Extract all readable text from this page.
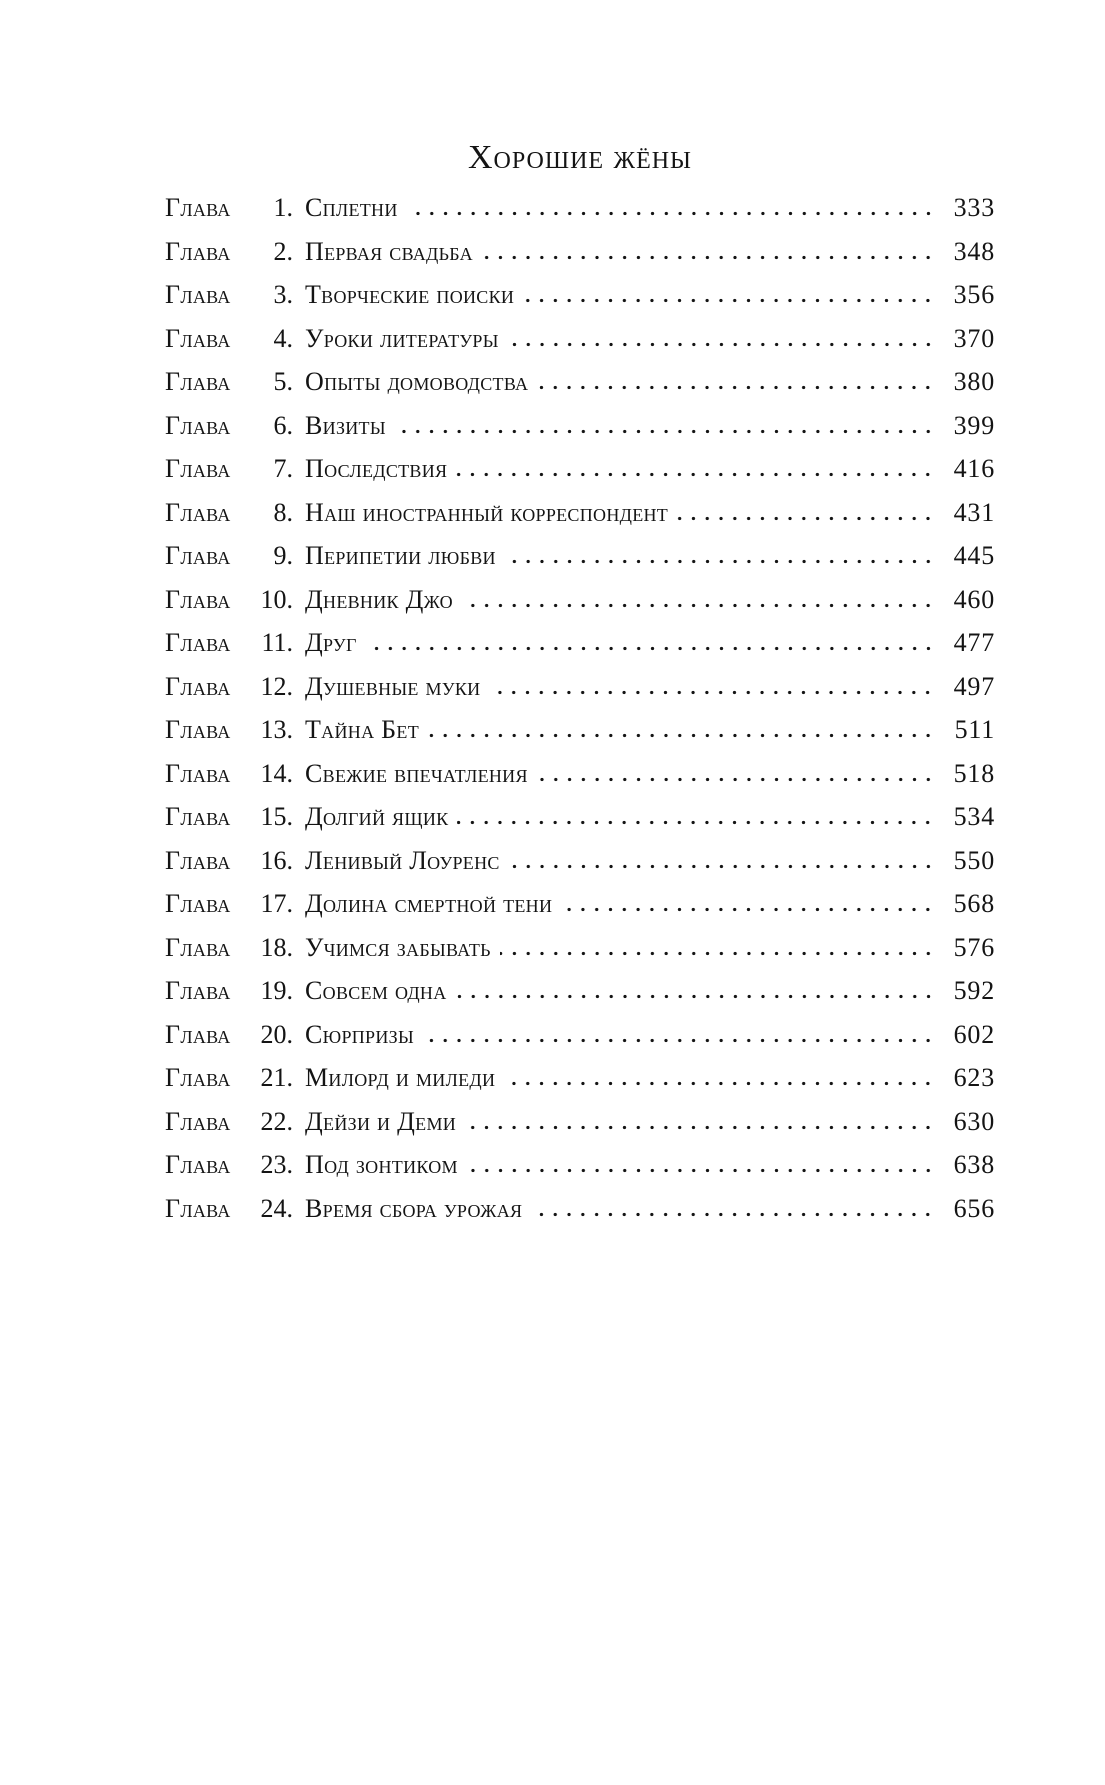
Хорошие жёны
Глава	1. Сплетни	333
Глава	2. Первая свадьба	348
Глава	3. Творческие поиски	356
Глава	4. Уроки литературы	370
Глава	5. Опыты домоводства	380
Глава	6. Визиты	399
Глава	7. Последствия	416
Глава	8. Наш иностранный корреспондент	431
Глава	9. Перипетии любви	445
Глава	10. Дневник Джо	460
Глава	11. Друг	477
Глава	12. Душевные муки	497
Глава	13. Тайна Бет	511
Глава	14. Свежие впечатления	518
Глава	15. Долгий ящик	534
Глава	16. Ленивый Лоуренс	550
Глава	17. Долина смертной тени	568
Глава	18. Учимся забывать	576
Глава	19. Совсем одна	592
Глава	20. Сюрпризы	602
Глава	21. Милорд и миледи	623
Глава	22. Дейзи и Деми	630
Глава	23. Под зонтиком	638
Глава	24. Время сбора урожая	656
